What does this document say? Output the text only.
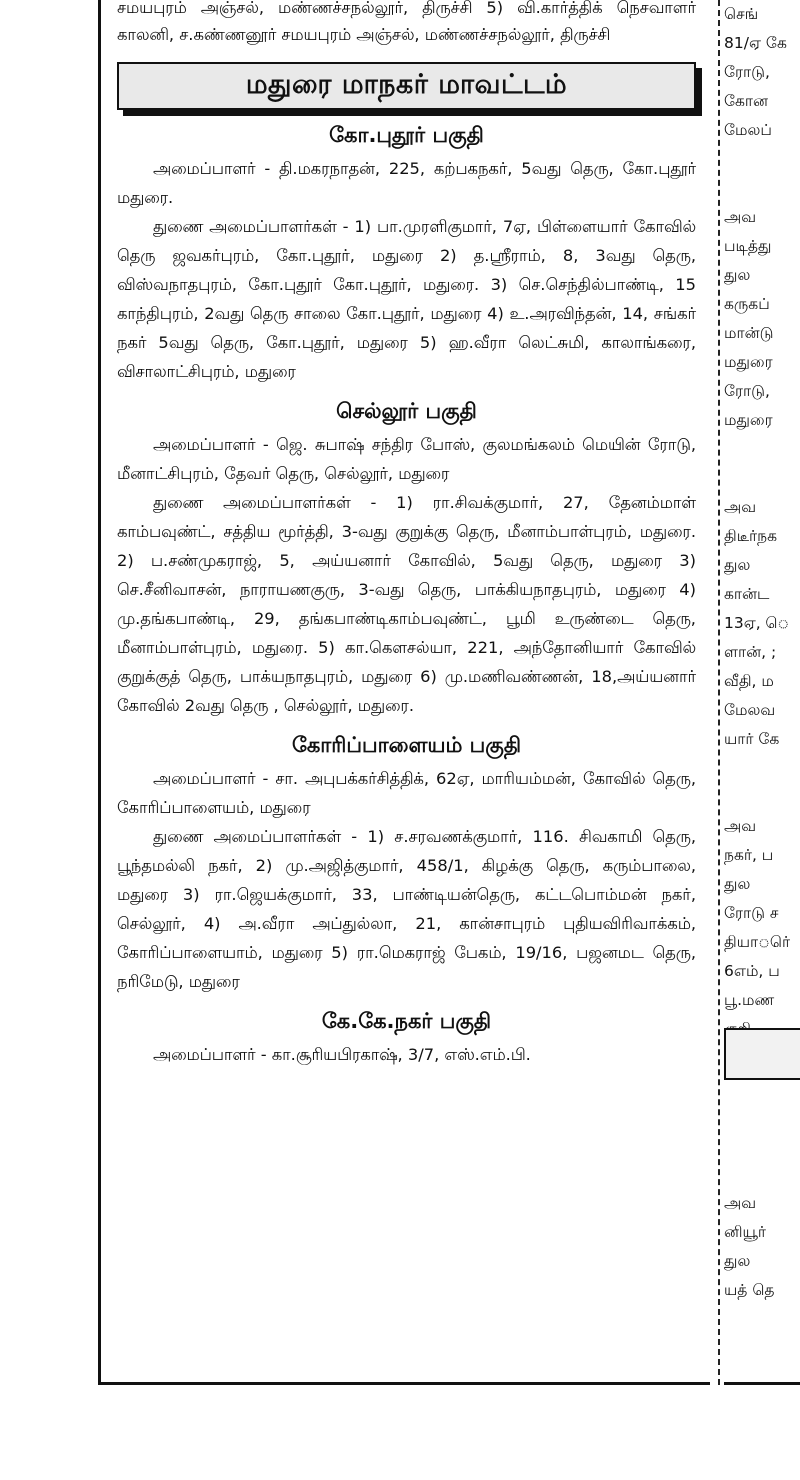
சமயபுரம் அஞ்சல், மண்ணச்சநல்லூர், திருச்சி 5) வி.கார்த்திக் நெசவாளர் காலனி, ச.கண்ணனூர் சமயபுரம் அஞ்சல், மண்ணச்சநல்லூர், திருச்சி

மதுரை மாநகர் மாவட்டம்
கோ.புதூர் பகுதி

அமைப்பாளர் - தி.மகரநாதன், 225, கற்பகநகர், 5வது தெரு, கோ.புதூர் மதுரை.

துணை அமைப்பாளர்கள் - 1) பா.முரளிகுமார், 7ஏ, பிள்ளையார் கோவில் தெரு ஜவகர்புரம், கோ.புதூர், மதுரை 2) த.ஶ்ரீராம், 8, 3வது தெரு, விஸ்வநாதபுரம், கோ.புதூர் கோ.புதூர், மதுரை. 3) செ.செந்தில்பாண்டி, 15 காந்திபுரம், 2வது தெரு சாலை கோ.புதூர், மதுரை 4) உ.அரவிந்தன், 14, சங்கர் நகர் 5வது தெரு, கோ.புதூர், மதுரை 5) ஹ.வீரா லெட்சுமி, காலாங்கரை, விசாலாட்சிபுரம், மதுரை

செல்லூர் பகுதி

அமைப்பாளர் - ஜெ. சுபாஷ் சந்திர போஸ், குலமங்கலம் மெயின் ரோடு, மீனாட்சிபுரம், தேவர் தெரு, செல்லூர், மதுரை

துணை அமைப்பாளர்கள் - 1) ரா.சிவக்குமார், 27, தேனம்மாள் காம்பவுண்ட், சத்திய மூர்த்தி, 3-வது குறுக்கு தெரு, மீனாம்பாள்புரம், மதுரை. 2) ப.சண்முகராஜ், 5, அய்யனார் கோவில், 5வது தெரு, மதுரை 3) செ.சீனிவாசன், நாராயணகுரு, 3-வது தெரு, பாக்கியநாதபுரம், மதுரை 4) மு.தங்கபாண்டி, 29, தங்கபாண்டிகாம்பவுண்ட், பூமி உருண்டை தெரு, மீனாம்பாள்புரம், மதுரை. 5) கா.கெளசல்யா, 221, அந்தோனியார் கோவில் குறுக்குத் தெரு, பாக்யநாதபுரம், மதுரை 6) மு.மணிவண்ணன், 18,அய்யனார் கோவில் 2வது தெரு , செல்லூர், மதுரை.

கோரிப்பாளையம் பகுதி

அமைப்பாளர் - சா. அபுபக்கர்சித்திக், 62ஏ, மாரியம்மன், கோவில் தெரு, கோரிப்பாளையம், மதுரை

துணை அமைப்பாளர்கள் - 1) ச.சரவணக்குமார், 116. சிவகாமி தெரு, பூந்தமல்லி நகர், 2) மு.அஜித்குமார், 458/1, கிழக்கு தெரு, கரும்பாலை, மதுரை 3) ரா.ஜெயக்குமார், 33, பாண்டியன்தெரு, கட்டபொம்மன் நகர், செல்லூர், 4) அ.வீரா அப்துல்லா, 21, கான்சாபுரம் புதியவிரிவாக்கம், கோரிப்பாளையாம், மதுரை 5) ரா.மெகராஜ் பேகம், 19/16, பஜனமட தெரு, நரிமேடு, மதுரை

கே.கே.நகர் பகுதி

அமைப்பாளர் - கா.சூரியபிரகாஷ், 3/7, எஸ்.எம்.பி.

செங்
81/ஏ கே
ரோடு,
கோன
மேலப்
அவ
படித்து
துல
கருகப்
மான்டு
மதுரை
ரோடு,
மதுரை
அவ
திடீர்நக
துல
கான்ட
13ஏ, ெ
ளான், ;
வீதி, ம
மேலவ
யார் கே
அவ
நகர், ப
துல
ரோடு ச
தியார்ெ
6எம், ப
பூ.மண
அவ
னியூர்
துல
யத் தெ
